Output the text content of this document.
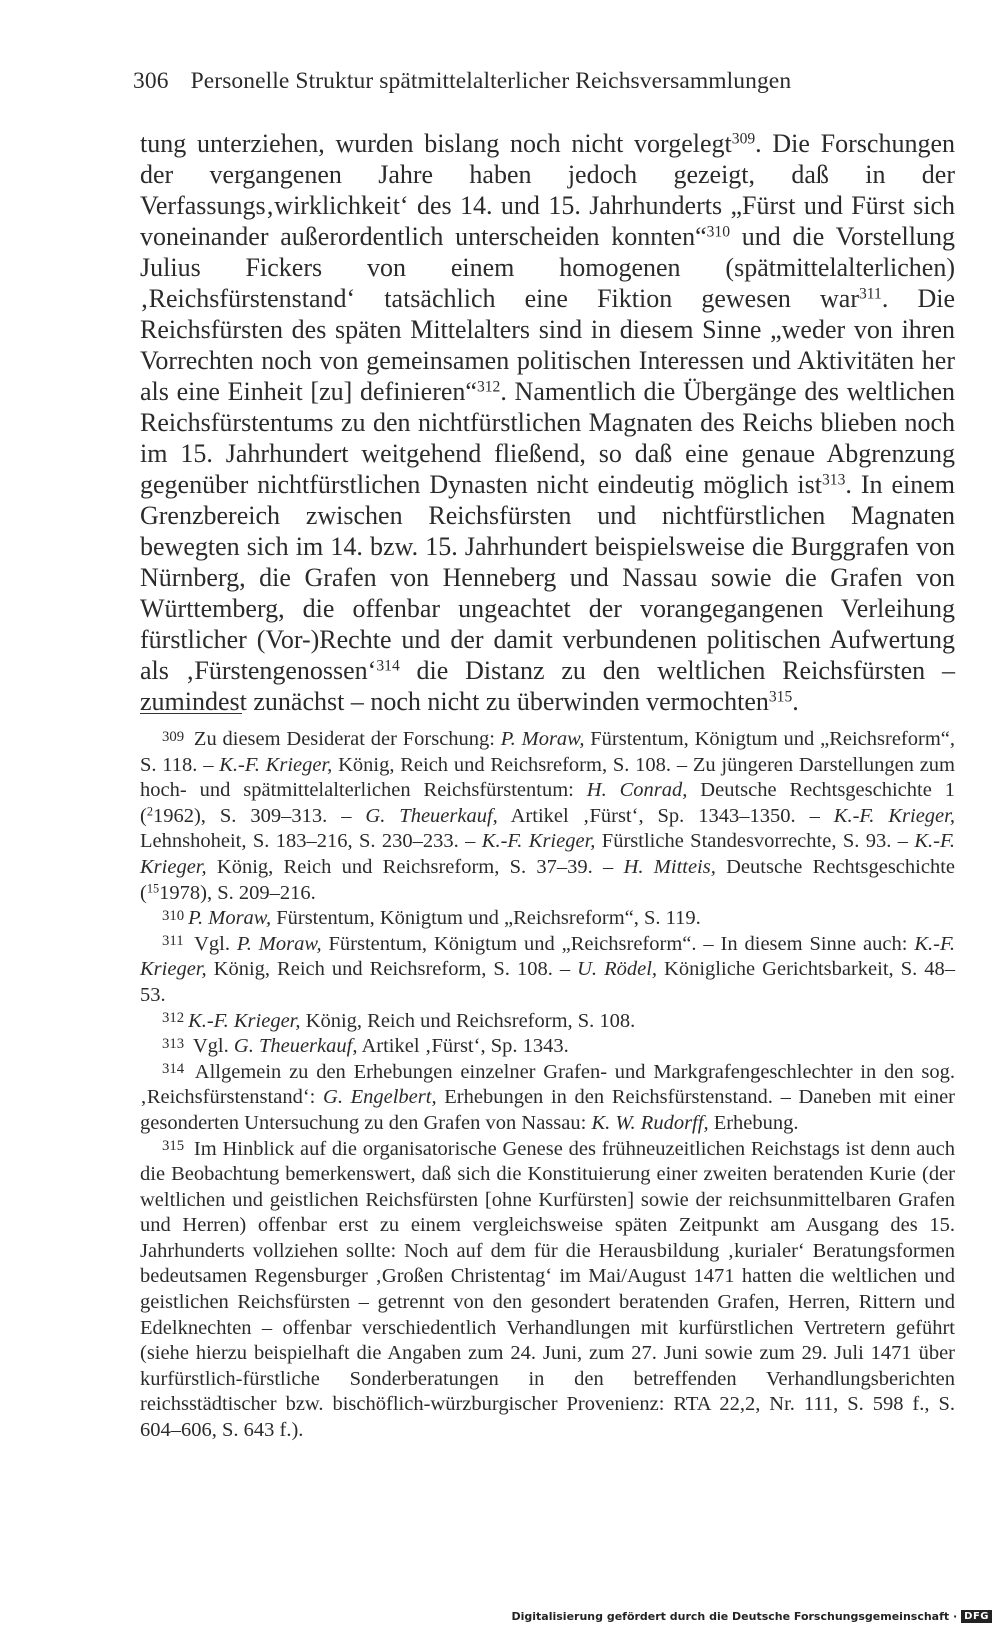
306 Personelle Struktur spätmittelalterlicher Reichsversammlungen

tung unterziehen, wurden bislang noch nicht vorgelegt$^{309}$. Die Forschungen der vergangenen Jahre haben jedoch gezeigt, daß in der Verfassungs‚wirklichkeit‘ des 14. und 15. Jahrhunderts „Fürst und Fürst sich voneinander außerordentlich unterscheiden konnten“$^{310}$ und die Vorstellung Julius Fickers von einem homogenen (spätmittelalterlichen) ‚Reichsfürstenstand‘ tatsächlich eine Fiktion gewesen war$^{311}$. Die Reichsfürsten des späten Mittelalters sind in diesem Sinne „weder von ihren Vorrechten noch von gemeinsamen politischen Interessen und Aktivitäten her als eine Einheit [zu] definieren“$^{312}$. Namentlich die Übergänge des weltlichen Reichsfürstentums zu den nichtfürstlichen Magnaten des Reichs blieben noch im 15. Jahrhundert weitgehend fließend, so daß eine genaue Abgrenzung gegenüber nichtfürstlichen Dynasten nicht eindeutig möglich ist$^{313}$. In einem Grenzbereich zwischen Reichsfürsten und nichtfürstlichen Magnaten bewegten sich im 14. bzw. 15. Jahrhundert beispielsweise die Burggrafen von Nürnberg, die Grafen von Henneberg und Nassau sowie die Grafen von Württemberg, die offenbar ungeachtet der vorangegangenen Verleihung fürstlicher (Vor-)Rechte und der damit verbundenen politischen Aufwertung als ‚Fürstengenossen‘$^{314}$ die Distanz zu den weltlichen Reichsfürsten – zumindest zunächst – noch nicht zu überwinden vermochten$^{315}$.

$^{309}$ Zu diesem Desiderat der Forschung: P. Moraw, Fürstentum, Königtum und „Reichsreform“, S. 118. – K.-F. Krieger, König, Reich und Reichsreform, S. 108. – Zu jüngeren Darstellungen zum hoch- und spätmittelalterlichen Reichsfürstentum: H. Conrad, Deutsche Rechtsgeschichte 1 ($^2$1962), S. 309–313. – G. Theuerkauf, Artikel ‚Fürst‘, Sp. 1343–1350. – K.-F. Krieger, Lehnshoheit, S. 183–216, S. 230–233. – K.-F. Krieger, Fürstliche Standesvorrechte, S. 93. – K.-F. Krieger, König, Reich und Reichsreform, S. 37–39. – H. Mitteis, Deutsche Rechtsgeschichte ($^{15}$1978), S. 209–216.

$^{310}$ P. Moraw, Fürstentum, Königtum und „Reichsreform“, S. 119.

$^{311}$ Vgl. P. Moraw, Fürstentum, Königtum und „Reichsreform“. – In diesem Sinne auch: K.-F. Krieger, König, Reich und Reichsreform, S. 108. – U. Rödel, Königliche Gerichtsbarkeit, S. 48–53.

$^{312}$ K.-F. Krieger, König, Reich und Reichsreform, S. 108.

$^{313}$ Vgl. G. Theuerkauf, Artikel ‚Fürst‘, Sp. 1343.

$^{314}$ Allgemein zu den Erhebungen einzelner Grafen- und Markgrafengeschlechter in den sog. ‚Reichsfürstenstand‘: G. Engelbert, Erhebungen in den Reichsfürstenstand. – Daneben mit einer gesonderten Untersuchung zu den Grafen von Nassau: K. W. Rudorff, Erhebung.

$^{315}$ Im Hinblick auf die organisatorische Genese des frühneuzeitlichen Reichstags ist denn auch die Beobachtung bemerkenswert, daß sich die Konstituierung einer zweiten beratenden Kurie (der weltlichen und geistlichen Reichsfürsten [ohne Kurfürsten] sowie der reichsunmittelbaren Grafen und Herren) offenbar erst zu einem vergleichsweise späten Zeitpunkt am Ausgang des 15. Jahrhunderts vollziehen sollte: Noch auf dem für die Herausbildung ‚kurialer‘ Beratungsformen bedeutsamen Regensburger ‚Großen Christentag‘ im Mai/August 1471 hatten die weltlichen und geistlichen Reichsfürsten – getrennt von den gesondert beratenden Grafen, Herren, Rittern und Edelknechten – offenbar verschiedentlich Verhandlungen mit kurfürstlichen Vertretern geführt (siehe hierzu beispielhaft die Angaben zum 24. Juni, zum 27. Juni sowie zum 29. Juli 1471 über kurfürstlich-fürstliche Sonderberatungen in den betreffenden Verhandlungsberichten reichsstädtischer bzw. bischöflich-würzburgischer Provenienz: RTA 22,2, Nr. 111, S. 598 f., S. 604–606, S. 643 f.).

Digitalisierung gefördert durch die Deutsche Forschungsgemeinschaft · DFG
